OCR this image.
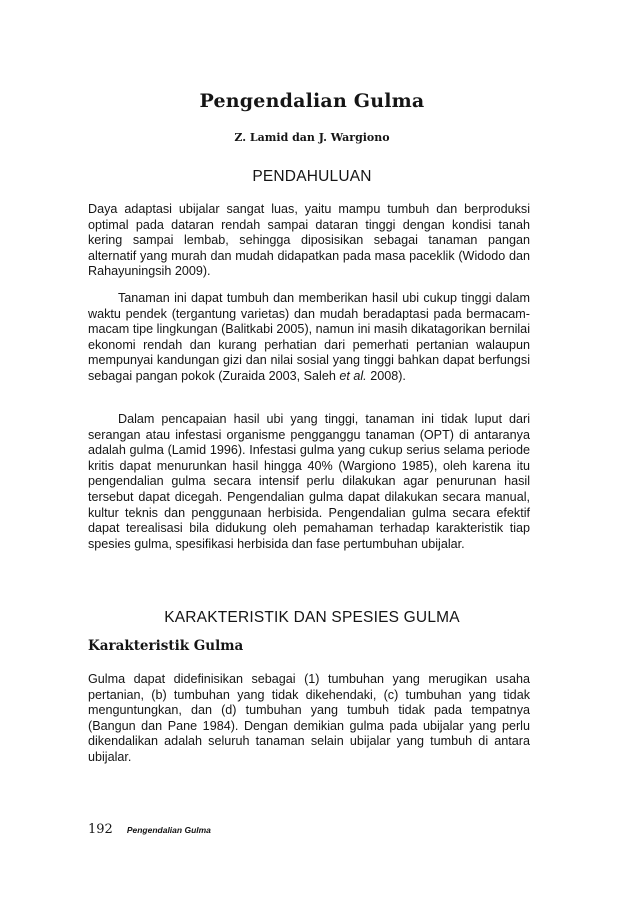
Pengendalian Gulma
Z. Lamid dan J. Wargiono
PENDAHULUAN

Daya adaptasi ubijalar sangat luas, yaitu mampu tumbuh dan berproduksi optimal pada dataran rendah sampai dataran tinggi dengan kondisi tanah kering sampai lembab, sehingga diposisikan sebagai tanaman pangan alternatif yang murah dan mudah didapatkan pada masa paceklik (Widodo dan Rahayuningsih 2009).

Tanaman ini dapat tumbuh dan memberikan hasil ubi cukup tinggi dalam waktu pendek (tergantung varietas) dan mudah beradaptasi pada bermacam-macam tipe lingkungan (Balitkabi 2005), namun ini masih dikatagorikan bernilai ekonomi rendah dan kurang perhatian dari pemerhati pertanian walaupun mempunyai kandungan gizi dan nilai sosial yang tinggi bahkan dapat berfungsi sebagai pangan pokok (Zuraida 2003, Saleh et al. 2008).

Dalam pencapaian hasil ubi yang tinggi, tanaman ini tidak luput dari serangan atau infestasi organisme pengganggu tanaman (OPT) di antaranya adalah gulma (Lamid 1996). Infestasi gulma yang cukup serius selama periode kritis dapat menurunkan hasil hingga 40% (Wargiono 1985), oleh karena itu pengendalian gulma secara intensif perlu dilakukan agar penurunan hasil tersebut dapat dicegah. Pengendalian gulma dapat dilakukan secara manual, kultur teknis dan penggunaan herbisida. Pengendalian gulma secara efektif dapat terealisasi bila didukung oleh pemahaman terhadap karakteristik tiap spesies gulma, spesifikasi herbisida dan fase pertumbuhan ubijalar.

KARAKTERISTIK DAN SPESIES GULMA
Karakteristik Gulma

Gulma dapat didefinisikan sebagai (1) tumbuhan yang merugikan usaha pertanian, (b) tumbuhan yang tidak dikehendaki, (c) tumbuhan yang tidak menguntungkan, dan (d) tumbuhan yang tumbuh tidak pada tempatnya (Bangun dan Pane 1984). Dengan demikian gulma pada ubijalar yang perlu dikendalikan adalah seluruh tanaman selain ubijalar yang tumbuh di antara ubijalar.

192 Pengendalian Gulma
